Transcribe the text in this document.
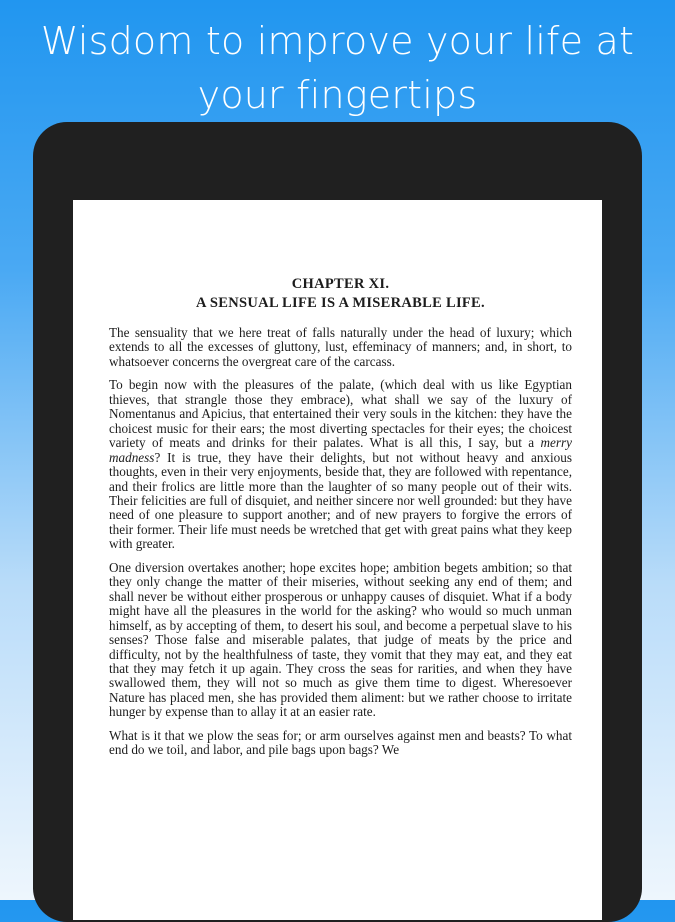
Wisdom to improve your life at your fingertips
CHAPTER XI.
A SENSUAL LIFE IS A MISERABLE LIFE.

The sensuality that we here treat of falls naturally under the head of luxury; which extends to all the excesses of gluttony, lust, effeminacy of manners; and, in short, to whatsoever concerns the overgreat care of the carcass.

To begin now with the pleasures of the palate, (which deal with us like Egyptian thieves, that strangle those they embrace), what shall we say of the luxury of Nomentanus and Apicius, that entertained their very souls in the kitchen: they have the choicest music for their ears; the most diverting spectacles for their eyes; the choicest variety of meats and drinks for their palates. What is all this, I say, but a merry madness? It is true, they have their delights, but not without heavy and anxious thoughts, even in their very enjoyments, beside that, they are followed with repentance, and their frolics are little more than the laughter of so many people out of their wits. Their felicities are full of disquiet, and neither sincere nor well grounded: but they have need of one pleasure to support another; and of new prayers to forgive the errors of their former. Their life must needs be wretched that get with great pains what they keep with greater.

One diversion overtakes another; hope excites hope; ambition begets ambition; so that they only change the matter of their miseries, without seeking any end of them; and shall never be without either prosperous or unhappy causes of disquiet. What if a body might have all the pleasures in the world for the asking? who would so much unman himself, as by accepting of them, to desert his soul, and become a perpetual slave to his senses? Those false and miserable palates, that judge of meats by the price and difficulty, not by the healthfulness of taste, they vomit that they may eat, and they eat that they may fetch it up again. They cross the seas for rarities, and when they have swallowed them, they will not so much as give them time to digest. Wheresoever Nature has placed men, she has provided them aliment: but we rather choose to irritate hunger by expense than to allay it at an easier rate.

What is it that we plow the seas for; or arm ourselves against men and beasts? To what end do we toil, and labor, and pile bags upon bags? We
